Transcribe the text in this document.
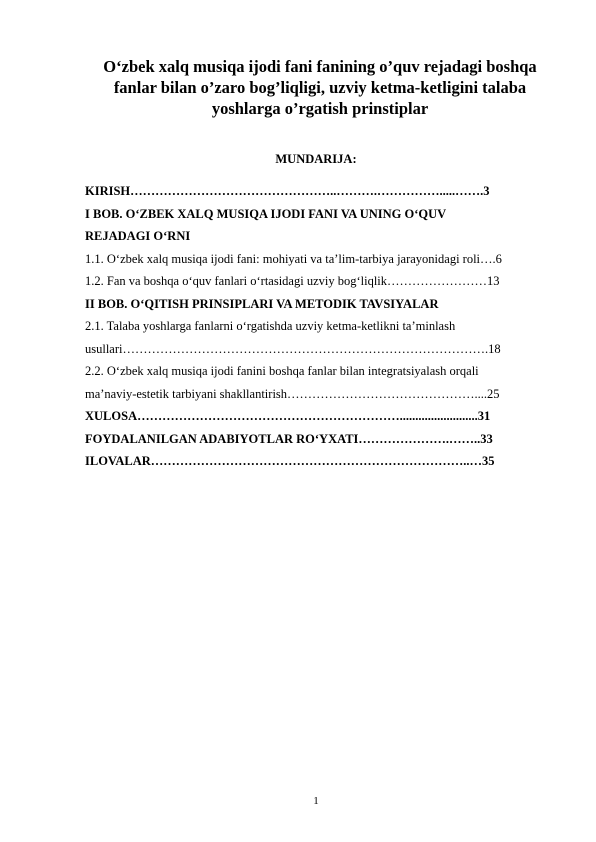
O‘zbek xalq musiqa ijodi fani fanining o’quv rejadagi boshqa
fanlar bilan o’zaro bog’liqligi, uzviy ketma-ketligini talaba
yoshlarga o’rgatish prinstiplar
MUNDARIJA:
KIRISH…………………………………………..……….…………….....…….3
I BOB. O‘ZBEK XALQ MUSIQA IJODI FANI VA UNING O‘QUV
REJADAGI O‘RNI
1.1. O‘zbek xalq musiqa ijodi fani: mohiyati va ta’lim-tarbiya jarayonidagi roli….6
1.2. Fan va boshqa o‘quv fanlari o‘rtasidagi uzviy bog‘liqlik……………………13
II BOB. O‘QITISH PRINSIPLARI VA METODIK TAVSIYALAR
2.1. Talaba yoshlarga fanlarni o‘rgatishda uzviy ketma-ketlikni ta’minlash
usullari…………………………………………………………………………….18
2.2. O‘zbek xalq musiqa ijodi fanini boshqa fanlar bilan integratsiyalash orqali
ma’naviy-estetik tarbiyani shakllantirish………………………………………....25
XULOSA……………………………………………………….........................31
FOYDALANILGAN ADABIYOTLAR RO‘YXATI………………….……..33
ILOVALAR…………………………………………………………………..…35
1
